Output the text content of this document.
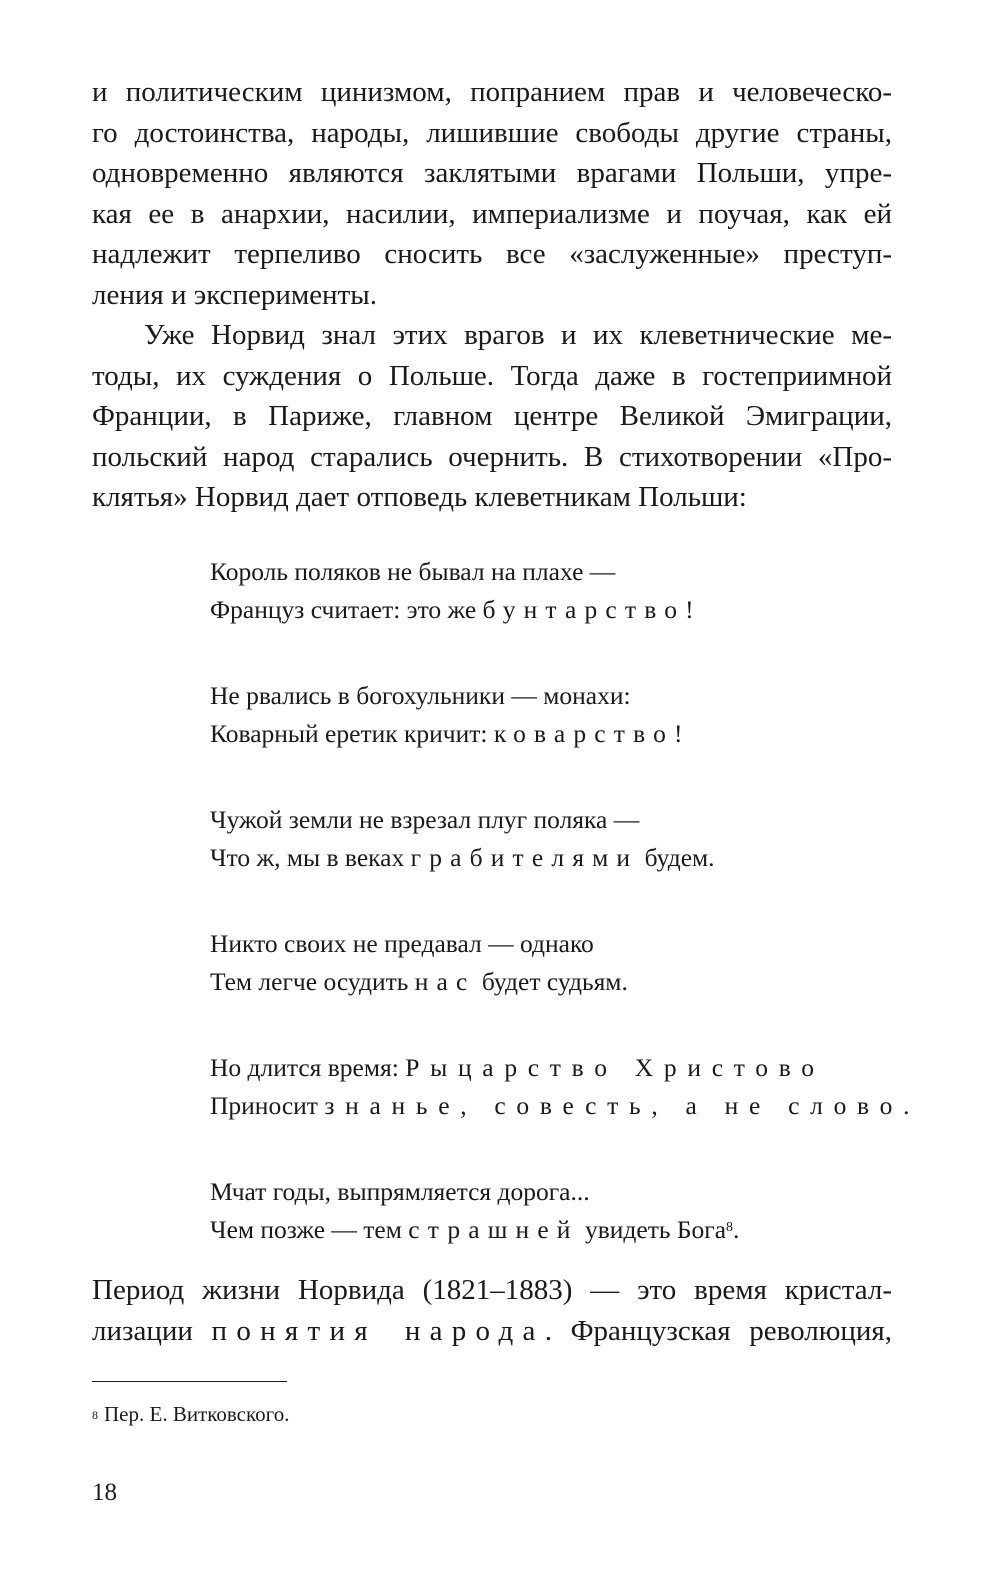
и политическим цинизмом, попранием прав и человеческо-
го достоинства, народы, лишившие свободы другие страны,
одновременно являются заклятыми врагами Польши, упре-
кая ее в анархии, насилии, империализме и поучая, как ей
надлежит терпеливо сносить все «заслуженные» преступ-
ления и эксперименты.
Уже Норвид знал этих врагов и их клеветнические ме-
тоды, их суждения о Польше. Тогда даже в гостеприимной
Франции, в Париже, главном центре Великой Эмиграции,
польский народ старались очернить. В стихотворении «Про-
клятья» Норвид дает отповедь клеветникам Польши:
Король поляков не бывал на плахе —
Француз считает: это же бунтарство!
Не рвались в богохульники — монахи:
Коварный еретик кричит: коварство!
Чужой земли не взрезал плуг поляка —
Что ж, мы в веках грабителями будем.
Никто своих не предавал — однако
Тем легче осудить нас будет судьям.
Но длится время: Рыцарство Христово
Приносит знанье, совесть, а не слово.
Мчат годы, выпрямляется дорога...
Чем позже — тем страшней увидеть Бога$^8$.
Период жизни Норвида (1821–1883) — это время кристал-
лизации понятия народа. Французская революция,
$^8$ Пер. Е. Витковского.
18
